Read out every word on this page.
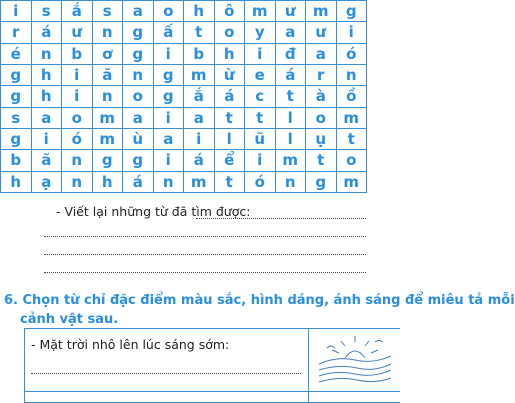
i	s	ắ	s	a	o	h	ô	m	ư	m	g
r	á	ư	n	g	ấ	t	o	y	a	ư	i
é	n	b	ơ	g	i	b	h	i	đ	a	ó
g	h	i	ă	n	g	m	ừ	e	á	r	n
g	h	i	n	o	g	ắ	á	c	t	à	ồ
s	a	o	m	a	i	a	t	t	l	o	m
g	i	ó	m	ù	a	i	l	ũ	l	ụ	t
b	ă	n	g	g	i	á	ể	i	m	t	o
h	ạ	n	h	á	n	m	t	ó	n	g	m
- Viết lại những từ đã tìm được:
6. Chọn từ chỉ đặc điểm màu sắc, hình dáng, ánh sáng để miêu tả mỗi
cảnh vật sau.
- Mặt trời nhô lên lúc sáng sớm:
